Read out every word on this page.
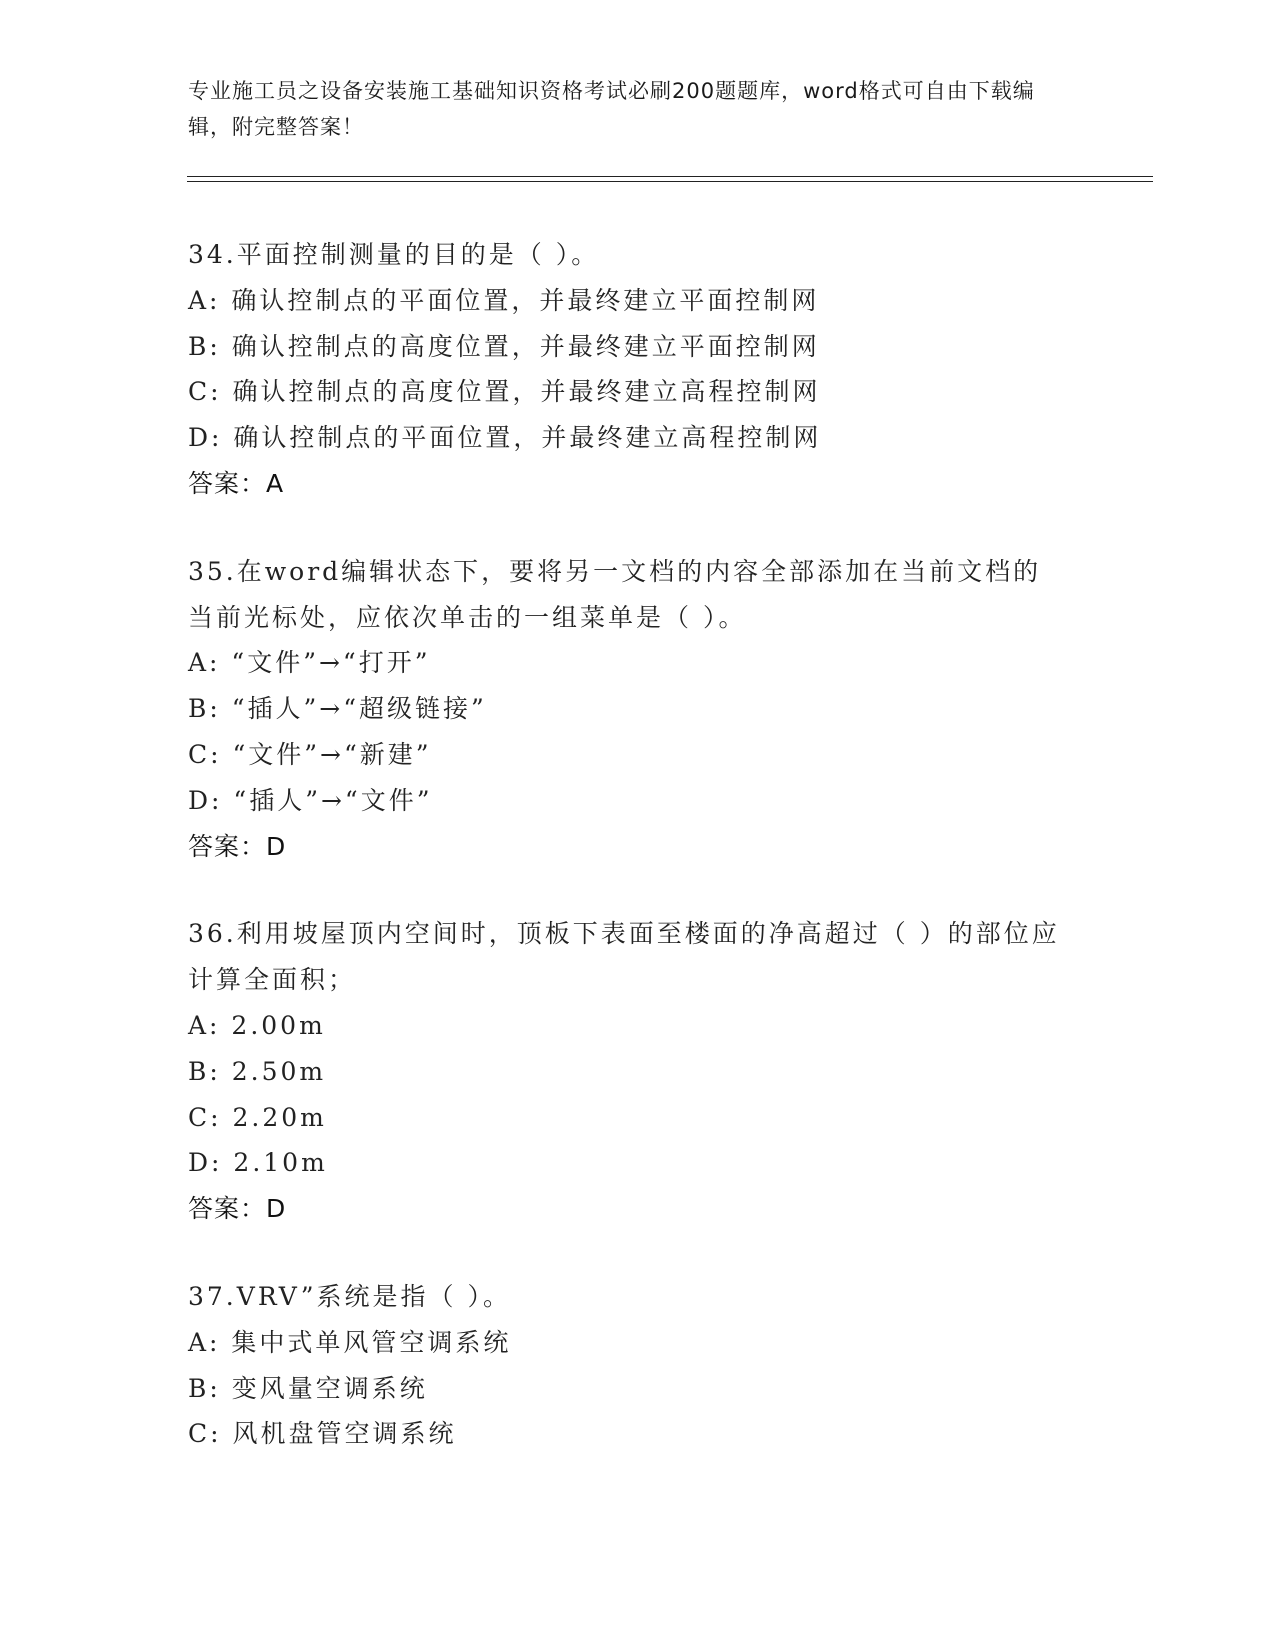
专业施工员之设备安装施工基础知识资格考试必刷200题题库，word格式可自由下载编辑，附完整答案！
34.平面控制测量的目的是（ ）。
A: 确认控制点的平面位置，并最终建立平面控制网
B: 确认控制点的高度位置，并最终建立平面控制网
C: 确认控制点的高度位置，并最终建立高程控制网
D: 确认控制点的平面位置，并最终建立高程控制网
答案：A
35.在word编辑状态下，要将另一文档的内容全部添加在当前文档的当前光标处，应依次单击的一组菜单是（ ）。
A: “文件”→“打开”
B: “插人”→“超级链接”
C: “文件”→“新建”
D: “插人”→“文件”
答案：D
36.利用坡屋顶内空间时，顶板下表面至楼面的净高超过（ ）的部位应计算全面积；
A: 2.00m
B: 2.50m
C: 2.20m
D: 2.10m
答案：D
37.VRV”系统是指（ ）。
A: 集中式单风管空调系统
B: 变风量空调系统
C: 风机盘管空调系统
